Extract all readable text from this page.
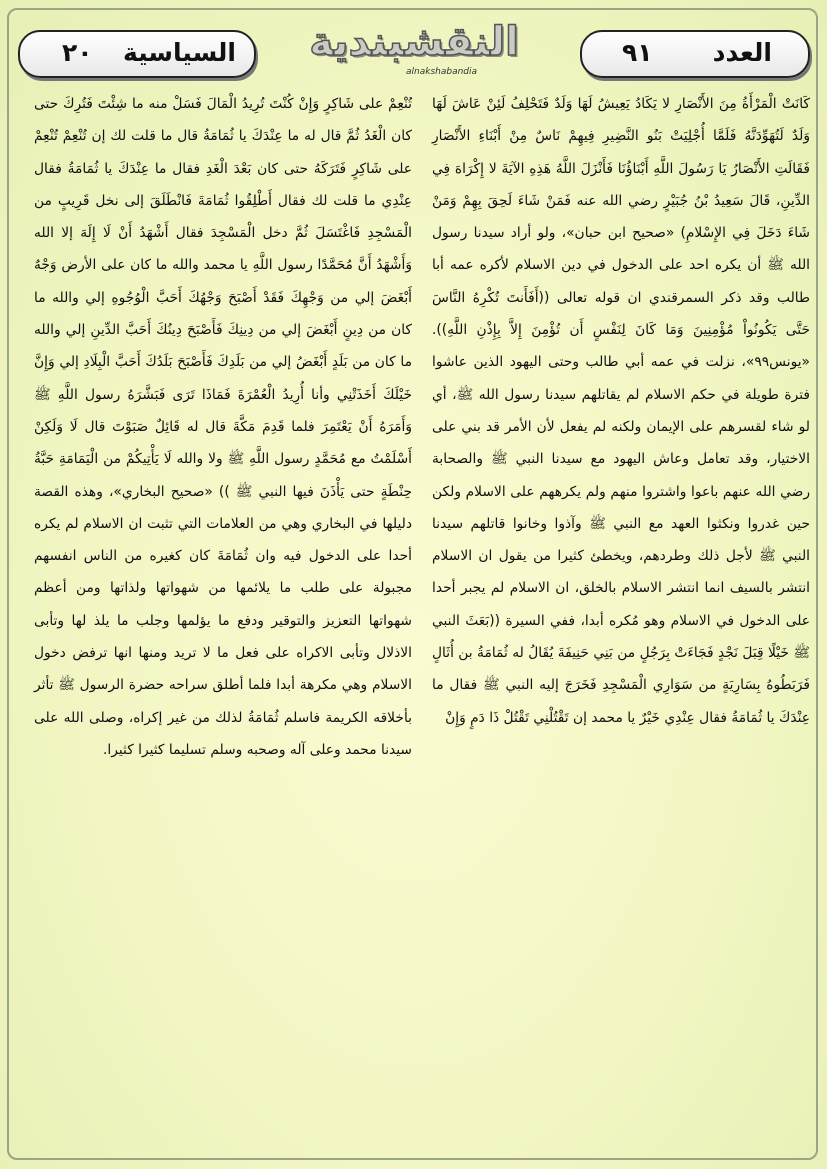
السياسية
٢٠	النقشبندية
alnakshabandia
العدد
٩١

كَانَتْ الْمَرْأَةُ مِنَ الأَنْصَارِ لا يَكَادُ يَعِيشُ لَهَا وَلَدٌ فَتَحْلِفُ لَئِنْ عَاشَ لَهَا وَلَدٌ لَتُهَوِّدَنَّهُ فَلَمَّا أُجْلِيَتْ بَنُو النَّضِيرِ فِيهِمْ نَاسٌ مِنْ أَبْنَاءِ الأَنْصَارِ فَقَالَتِ الأَنْصَارُ يَا رَسُولَ اللَّهِ أَبْنَاؤُنَا فَأَنْزَلَ اللَّهُ هَذِهِ الآيَةَ لا إِكْرَاهَ فِي الدِّينِ، قَالَ سَعِيدُ بْنُ جُبَيْرٍ رضي الله عنه فَمَنْ شَاءَ لَحِقَ بِهِمْ وَمَنْ شَاءَ دَخَلَ فِي الإِسْلامِ) «صحيح ابن حبان»، ولو أراد سيدنا رسول الله ﷺ أن يكره احد على الدخول في دين الاسلام لأكره عمه أبا طالب وقد ذكر السمرقندي ان قوله تعالى ((أَفَأَنتَ تُكْرِهُ النَّاسَ حَتَّى يَكُونُواْ مُؤْمِنِينَ وَمَا كَانَ لِنَفْسٍ أَن تُؤْمِنَ إِلاَّ بِإِذْنِ اللَّهِ)). «يونس٩٩»، نزلت في عمه أبي طالب وحتى اليهود الذين عاشوا فترة طويلة في حكم الاسلام لم يقاتلهم سيدنا رسول الله ﷺ، أي لو شاء لقسرهم على الإيمان ولكنه لم يفعل لأن الأمر قد بني على الاختيار، وقد تعامل وعاش اليهود مع سيدنا النبي ﷺ والصحابة رضي الله عنهم باعوا واشتروا منهم ولم يكرههم على الاسلام ولكن حين غدروا ونكثوا العهد مع النبي ﷺ وآذوا وخانوا قاتلهم سيدنا النبي ﷺ لأجل ذلك وطردهم، ويخطئ كثيرا من يقول ان الاسلام انتشر بالسيف انما انتشر الاسلام بالخلق، ان الاسلام لم يجبر أحدا على الدخول في الاسلام وهو مُكره أبدا، ففي السيرة ((بَعَثَ النبي ﷺ خَيْلًا قِبَلَ نَجْدٍ فَجَاءَتْ بِرَجُلٍ من بَنِي حَنِيفَةَ يُقَالُ له ثُمَامَةُ بن أُثَالٍ فَرَبَطُوهُ بِسَارِيَةٍ من سَوَارِي الْمَسْجِدِ فَخَرَجَ إليه النبي ﷺ فقال ما عِنْدَكَ يا ثُمَامَةُ فقال عِنْدِي خَيْرٌ يا محمد إن تَقْتُلْنِي تَقْتُلْ ذَا دَمٍ وَإِنْ

تُنْعِمْ على شَاكِرٍ وَإِنْ كُنْتَ تُرِيدُ الْمَالَ فَسَلْ منه ما شِئْتَ فَتُرِكَ حتى كان الْغَدُ ثُمَّ قال له ما عِنْدَكَ يا ثُمَامَةُ قال ما قلت لك إن تُنْعِمْ تُنْعِمْ على شَاكِرٍ فَتَرَكَهُ حتى كان بَعْدَ الْغَدِ فقال ما عِنْدَكَ يا ثُمَامَةُ فقال عِنْدِي ما قلت لك فقال أَطْلِقُوا ثُمَامَةَ فَانْطَلَقَ إلى نخل قَرِيبٍ من الْمَسْجِدِ فَاغْتَسَلَ ثُمَّ دخل الْمَسْجِدَ فقال أَشْهَدُ أَنْ لَا إِلَهَ إلا الله وَأَشْهَدُ أَنَّ مُحَمَّدًا رسول اللَّهِ يا محمد والله ما كان على الأرض وَجْهٌ أَبْغَضَ إلي من وَجْهِكَ فَقَدْ أَصْبَحَ وَجْهُكَ أَحَبَّ الْوُجُوهِ إلي والله ما كان من دِينٍ أَبْغَضَ إلي من دِينِكَ فَأَصْبَحَ دِينُكَ أَحَبَّ الدِّينِ إلي والله ما كان من بَلَدٍ أَبْغَضُ إلي من بَلَدِكَ فَأَصْبَحَ بَلَدُكَ أَحَبَّ الْبِلَادِ إلي وَإِنَّ خَيْلَكَ أَخَذَتْنِي وأنا أُرِيدُ الْعُمْرَةَ فَمَاذَا تَرَى فَبَشَّرَهُ رسول اللَّهِ ﷺ وَأَمَرَهُ أَنْ يَعْتَمِرَ فلما قَدِمَ مَكَّةَ قال له قَائِلٌ صَبَوْتَ قال لَا وَلَكِنْ أَسْلَمْتُ مع مُحَمَّدٍ رسول اللَّهِ ﷺ ولا والله لَا يَأْتِيكُمْ من الْيَمَامَةِ حَبَّةُ حِنْطَةٍ حتى يَأْذَنَ فيها النبي ﷺ )) «صحيح البخاري»، وهذه القصة دليلها في البخاري وهي من العلامات التي تثبت ان الاسلام لم يكره أحدا على الدخول فيه وان ثُمَامَةَ كان كغيره من الناس انفسهم مجبولة على طلب ما يلائمها من شهواتها ولذاتها ومن أعظم شهواتها التعزيز والتوقير ودفع ما يؤلمها وجلب ما يلذ لها وتأبى الاذلال وتأبى الاكراه على فعل ما لا تريد ومنها انها ترفض دخول الاسلام وهي مكرهة أبدا فلما أطلق سراحه حضرة الرسول ﷺ تأثر بأخلاقه الكريمة فاسلم ثُمَامَةُ لذلك من غير إكراه، وصلى الله على سيدنا محمد وعلى آله وصحبه وسلم تسليما كثيرا كثيرا.
